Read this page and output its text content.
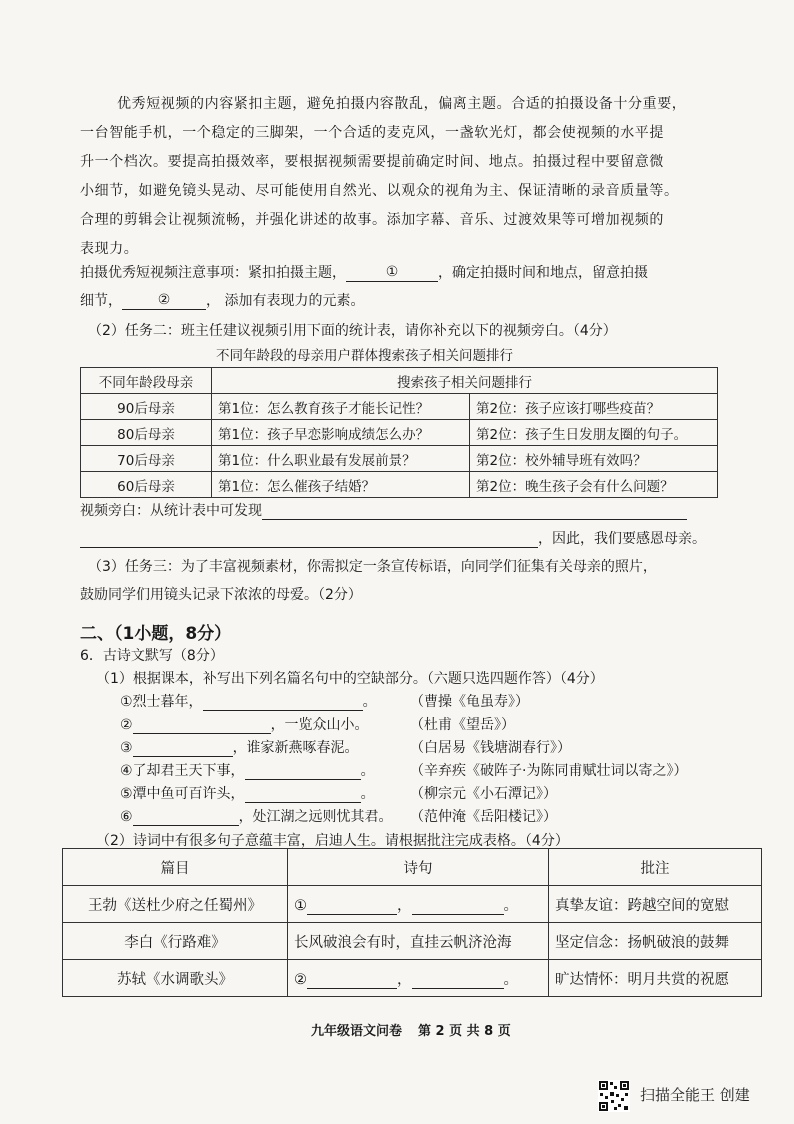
优秀短视频的内容紧扣主题，避免拍摄内容散乱，偏离主题。合适的拍摄设备十分重要，
一台智能手机，一个稳定的三脚架，一个合适的麦克风，一盏软光灯，都会使视频的水平提
升一个档次。要提高拍摄效率，要根据视频需要提前确定时间、地点。拍摄过程中要留意微
小细节，如避免镜头晃动、尽可能使用自然光、以观众的视角为主、保证清晰的录音质量等。
合理的剪辑会让视频流畅，并强化讲述的故事。添加字幕、音乐、过渡效果等可增加视频的
表现力。
拍摄优秀短视频注意事项：紧扣拍摄主题，	①	，确定拍摄时间和地点，留意拍摄
细节，	②	， 添加有表现力的元素。
（2）任务二：班主任建议视频引用下面的统计表，请你补充以下的视频旁白。（4分）
不同年龄段的母亲用户群体搜索孩子相关问题排行
不同年龄段母亲	搜索孩子相关问题排行	
90后母亲	第1位：怎么教育孩子才能长记性？	第2位：孩子应该打哪些疫苗？
80后母亲	第1位：孩子早恋影响成绩怎么办？	第2位：孩子生日发朋友圈的句子。
70后母亲	第1位：什么职业最有发展前景？	第2位：校外辅导班有效吗？
60后母亲	第1位：怎么催孩子结婚？	第2位：晚生孩子会有什么问题？
视频旁白：从统计表中可发现
，因此，我们要感恩母亲。
（3）任务三：为了丰富视频素材，你需拟定一条宣传标语，向同学们征集有关母亲的照片，
鼓励同学们用镜头记录下浓浓的母爱。（2分）
二、（1小题，8分）
6．古诗文默写（8分）
（1）根据课本，补写出下列名篇名句中的空缺部分。（六题只选四题作答）（4分）
①烈士暮年，	。 （曹操《龟虽寿》）
②	，一览众山小。	（杜甫《望岳》）
③	，谁家新燕啄春泥。	（白居易《钱塘湖春行》）
④了却君王天下事，	。	（辛弃疾《破阵子·为陈同甫赋壮词以寄之》）
⑤潭中鱼可百许头，	。	（柳宗元《小石潭记》）
⑥	，处江湖之远则忧其君。 （范仲淹《岳阳楼记》）
（2）诗词中有很多句子意蕴丰富，启迪人生。请根据批注完成表格。（4分）
篇目	诗句	批注
王勃《送杜少府之任蜀州》	① ， 。	真挚友谊：跨越空间的宽慰
李白《行路难》	长风破浪会有时，直挂云帆济沧海	坚定信念：扬帆破浪的鼓舞
苏轼《水调歌头》	② ， 。	旷达情怀：明月共赏的祝愿
九年级语文问卷 第 2 页 共 8 页
扫描全能王 创建
